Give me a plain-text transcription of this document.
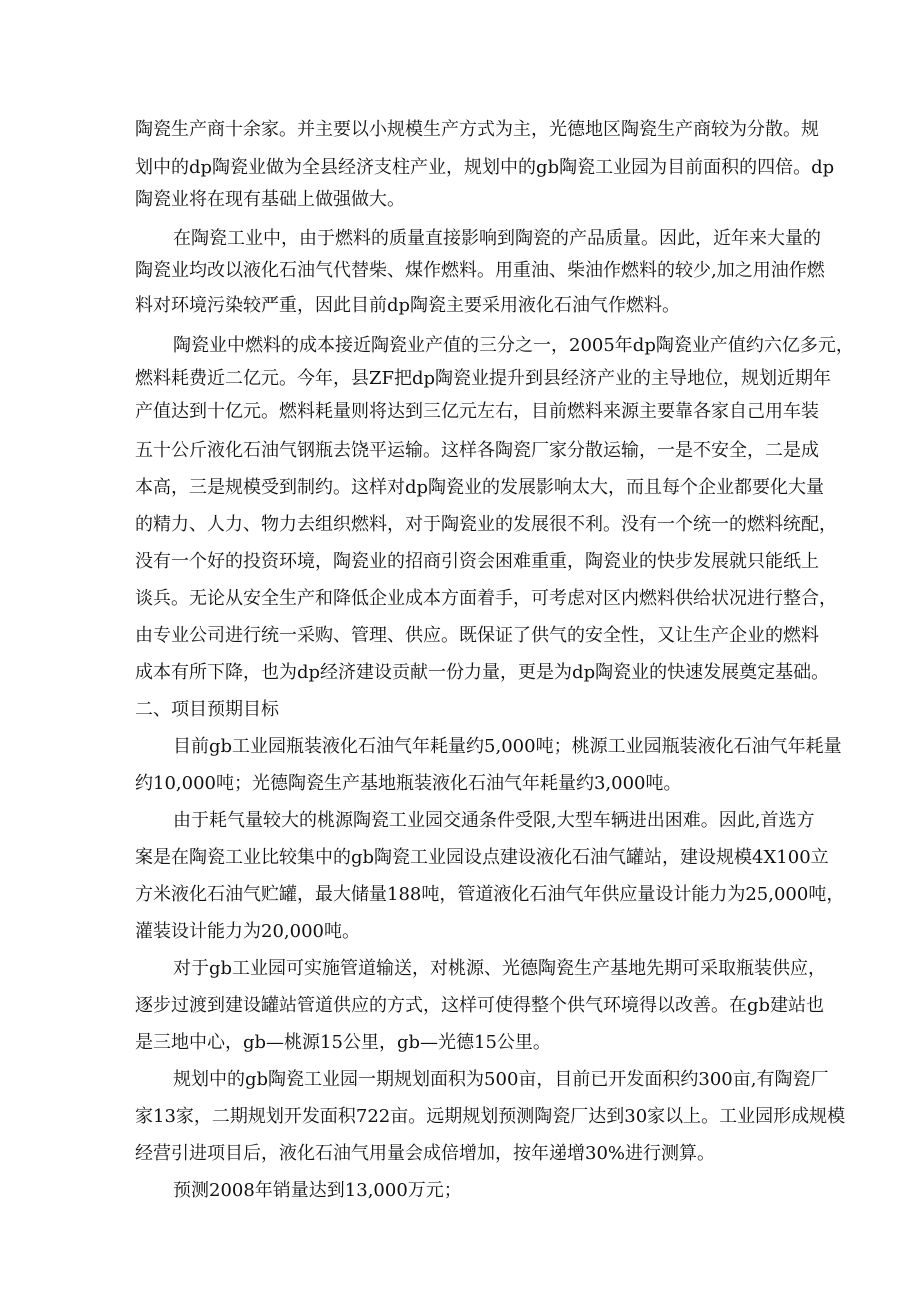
陶瓷生产商十余家。并主要以小规模生产方式为主，光德地区陶瓷生产商较为分散。规
划中的dp陶瓷业做为全县经济支柱产业，规划中的gb陶瓷工业园为目前面积的四倍。dp
陶瓷业将在现有基础上做强做大。
在陶瓷工业中，由于燃料的质量直接影响到陶瓷的产品质量。因此，近年来大量的
陶瓷业均改以液化石油气代替柴、煤作燃料。用重油、柴油作燃料的较少,加之用油作燃
料对环境污染较严重，因此目前dp陶瓷主要采用液化石油气作燃料。
陶瓷业中燃料的成本接近陶瓷业产值的三分之一，2005年dp陶瓷业产值约六亿多元，
燃料耗费近二亿元。今年，县ZF把dp陶瓷业提升到县经济产业的主导地位，规划近期年
产值达到十亿元。燃料耗量则将达到三亿元左右，目前燃料来源主要靠各家自己用车装
五十公斤液化石油气钢瓶去饶平运输。这样各陶瓷厂家分散运输，一是不安全，二是成
本高，三是规模受到制约。这样对dp陶瓷业的发展影响太大，而且每个企业都要化大量
的精力、人力、物力去组织燃料，对于陶瓷业的发展很不利。没有一个统一的燃料统配，
没有一个好的投资环境，陶瓷业的招商引资会困难重重，陶瓷业的快步发展就只能纸上
谈兵。无论从安全生产和降低企业成本方面着手，可考虑对区内燃料供给状况进行整合，
由专业公司进行统一采购、管理、供应。既保证了供气的安全性，又让生产企业的燃料
成本有所下降，也为dp经济建设贡献一份力量，更是为dp陶瓷业的快速发展奠定基础。
二、项目预期目标
目前gb工业园瓶装液化石油气年耗量约5,000吨；桃源工业园瓶装液化石油气年耗量
约10,000吨；光德陶瓷生产基地瓶装液化石油气年耗量约3,000吨。
由于耗气量较大的桃源陶瓷工业园交通条件受限,大型车辆进出困难。因此,首选方
案是在陶瓷工业比较集中的gb陶瓷工业园设点建设液化石油气罐站，建设规模4X100立
方米液化石油气贮罐，最大储量188吨，管道液化石油气年供应量设计能力为25,000吨，
灌装设计能力为20,000吨。
对于gb工业园可实施管道输送，对桃源、光德陶瓷生产基地先期可采取瓶装供应，
逐步过渡到建设罐站管道供应的方式，这样可使得整个供气环境得以改善。在gb建站也
是三地中心，gb—桃源15公里，gb—光德15公里。
规划中的gb陶瓷工业园一期规划面积为500亩，目前已开发面积约300亩,有陶瓷厂
家13家，二期规划开发面积722亩。远期规划预测陶瓷厂达到30家以上。工业园形成规模
经营引进项目后，液化石油气用量会成倍增加，按年递增30%进行测算。
预测2008年销量达到13,000万元；
